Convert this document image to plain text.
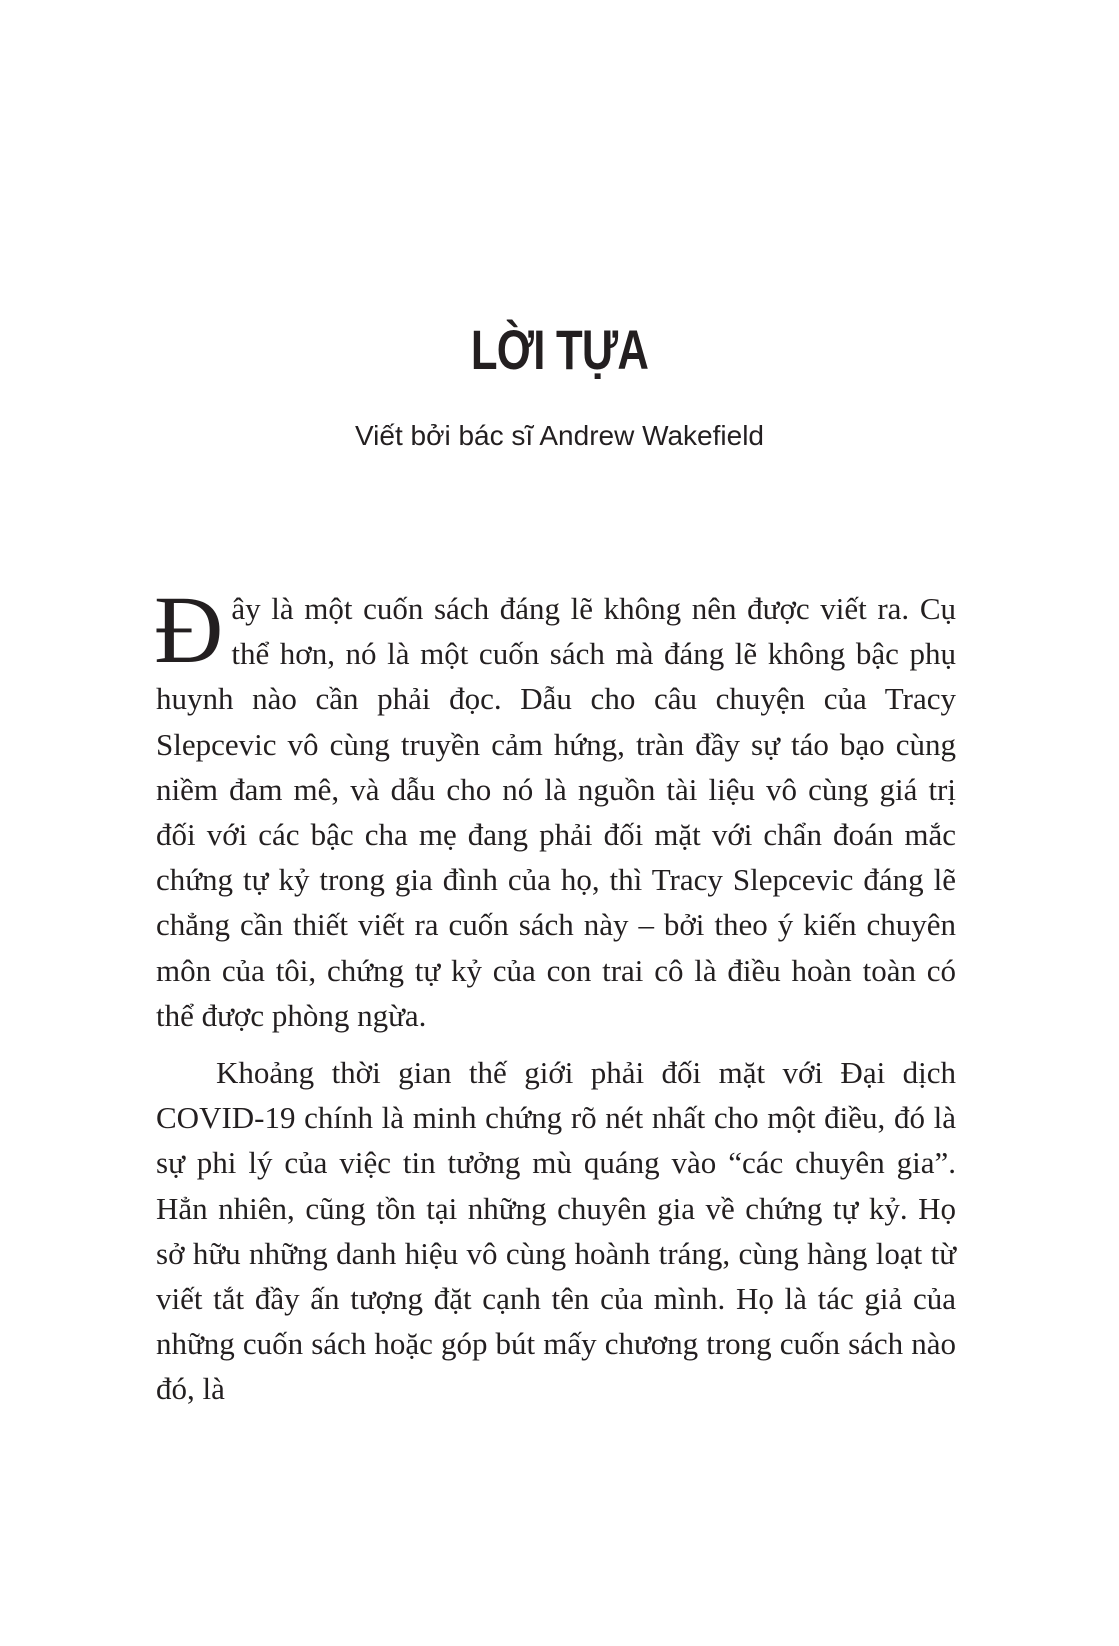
LỜI TỰA

Viết bởi bác sĩ Andrew Wakefield

Đây là một cuốn sách đáng lẽ không nên được viết ra. Cụ thể hơn, nó là một cuốn sách mà đáng lẽ không bậc phụ huynh nào cần phải đọc. Dẫu cho câu chuyện của Tracy Slepcevic vô cùng truyền cảm hứng, tràn đầy sự táo bạo cùng niềm đam mê, và dẫu cho nó là nguồn tài liệu vô cùng giá trị đối với các bậc cha mẹ đang phải đối mặt với chẩn đoán mắc chứng tự kỷ trong gia đình của họ, thì Tracy Slepcevic đáng lẽ chẳng cần thiết viết ra cuốn sách này – bởi theo ý kiến chuyên môn của tôi, chứng tự kỷ của con trai cô là điều hoàn toàn có thể được phòng ngừa.

Khoảng thời gian thế giới phải đối mặt với Đại dịch COVID-19 chính là minh chứng rõ nét nhất cho một điều, đó là sự phi lý của việc tin tưởng mù quáng vào “các chuyên gia”. Hẳn nhiên, cũng tồn tại những chuyên gia về chứng tự kỷ. Họ sở hữu những danh hiệu vô cùng hoành tráng, cùng hàng loạt từ viết tắt đầy ấn tượng đặt cạnh tên của mình. Họ là tác giả của những cuốn sách hoặc góp bút mấy chương trong cuốn sách nào đó, là
